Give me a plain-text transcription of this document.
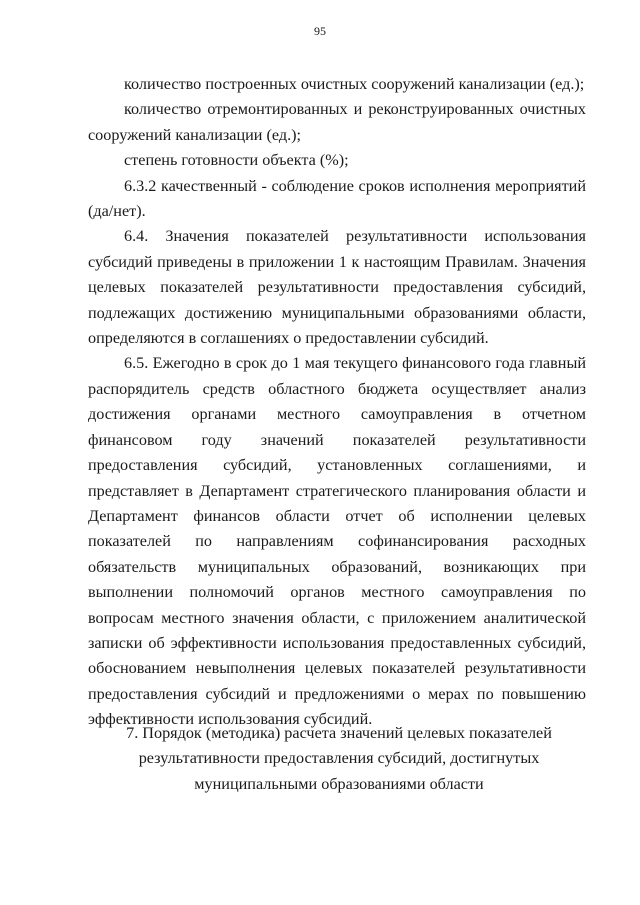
95

количество построенных очистных сооружений канализации (ед.);

количество отремонтированных и реконструированных очистных сооружений канализации (ед.);

степень готовности объекта (%);

6.3.2 качественный - соблюдение сроков исполнения мероприятий (да/нет).

6.4. Значения показателей результативности использования субсидий приведены в приложении 1 к настоящим Правилам. Значения целевых показателей результативности предоставления субсидий, подлежащих достижению муниципальными образованиями области, определяются в соглашениях о предоставлении субсидий.

6.5. Ежегодно в срок до 1 мая текущего финансового года главный распорядитель средств областного бюджета осуществляет анализ достижения органами местного самоуправления в отчетном финансовом году значений показателей результативности предоставления субсидий, установленных соглашениями, и представляет в Департамент стратегического планирования области и Департамент финансов области отчет об исполнении целевых показателей по направлениям софинансирования расходных обязательств муниципальных образований, возникающих при выполнении полномочий органов местного самоуправления по вопросам местного значения области, с приложением аналитической записки об эффективности использования предоставленных субсидий, обоснованием невыполнения целевых показателей результативности предоставления субсидий и предложениями о мерах по повышению эффективности использования субсидий.

7. Порядок (методика) расчета значений целевых показателей
результативности предоставления субсидий, достигнутых
муниципальными образованиями области
